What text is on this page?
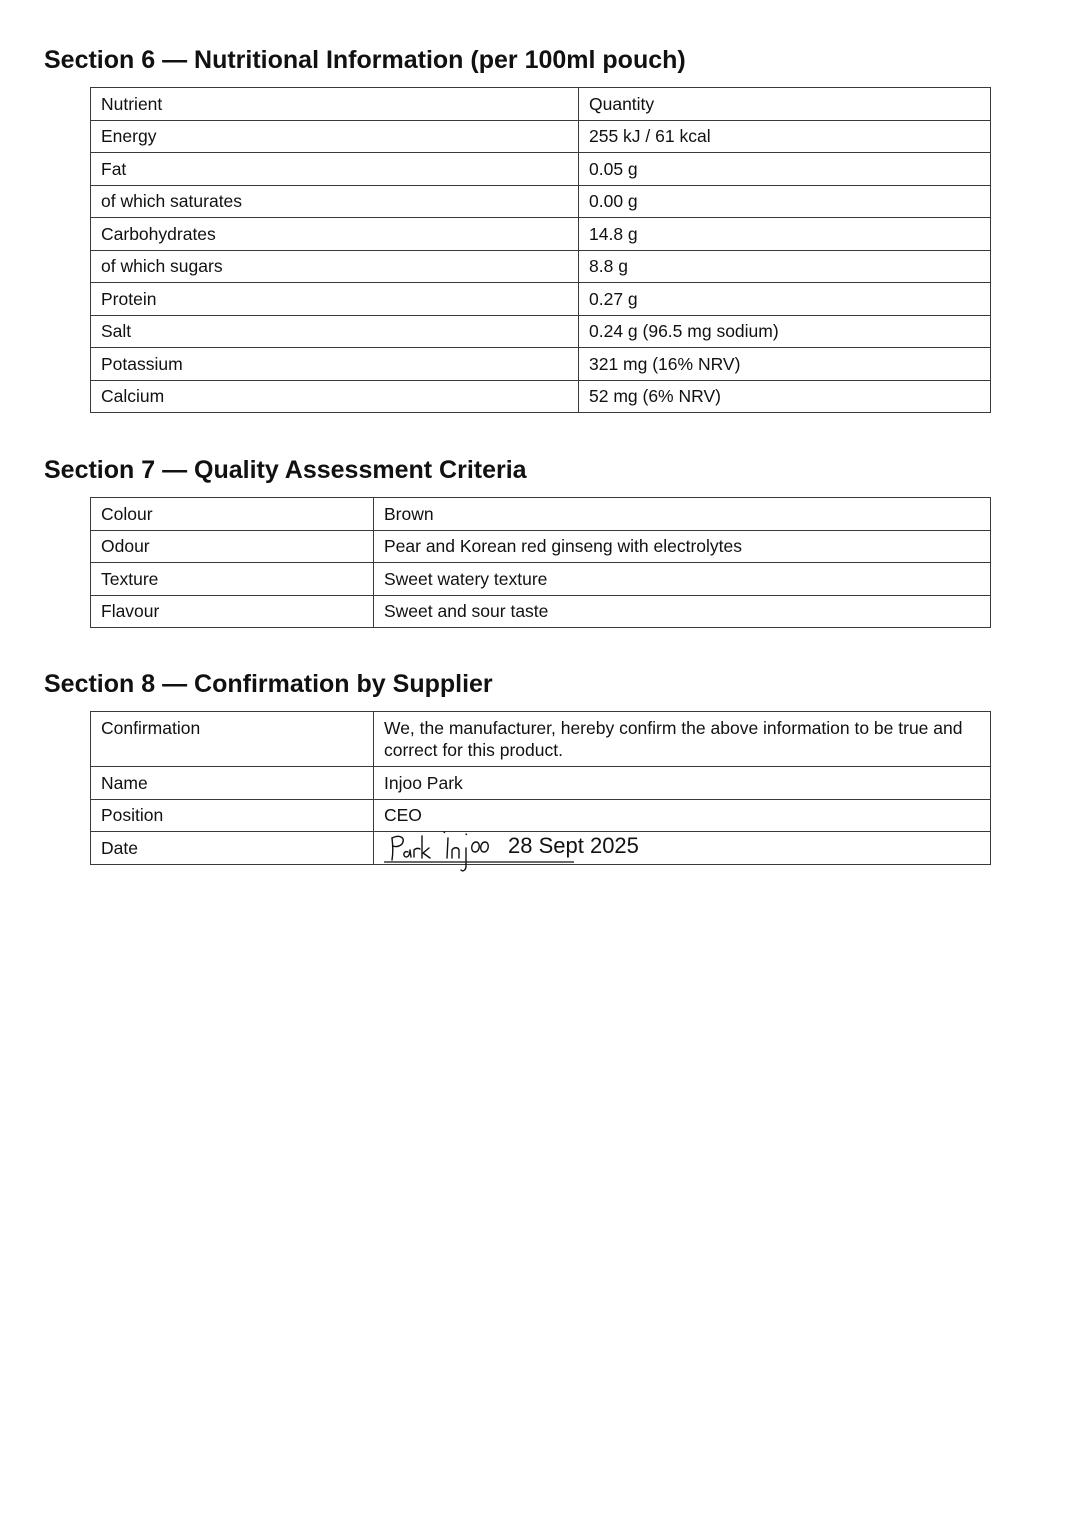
Section 6 — Nutritional Information (per 100ml pouch)
Nutrient	Quantity
Energy	255 kJ / 61 kcal
Fat	0.05 g
of which saturates	0.00 g
Carbohydrates	14.8 g
of which sugars	8.8 g
Protein	0.27 g
Salt	0.24 g (96.5 mg sodium)
Potassium	321 mg (16% NRV)
Calcium	52 mg (6% NRV)
Section 7 — Quality Assessment Criteria
Colour	Brown
Odour	Pear and Korean red ginseng with electrolytes
Texture	Sweet watery texture
Flavour	Sweet and sour taste
Section 8 — Confirmation by Supplier
Confirmation	We, the manufacturer, hereby confirm the above information to be true and correct for this product.
Name	Injoo Park
Position	CEO
Date	28 Sept 2025
